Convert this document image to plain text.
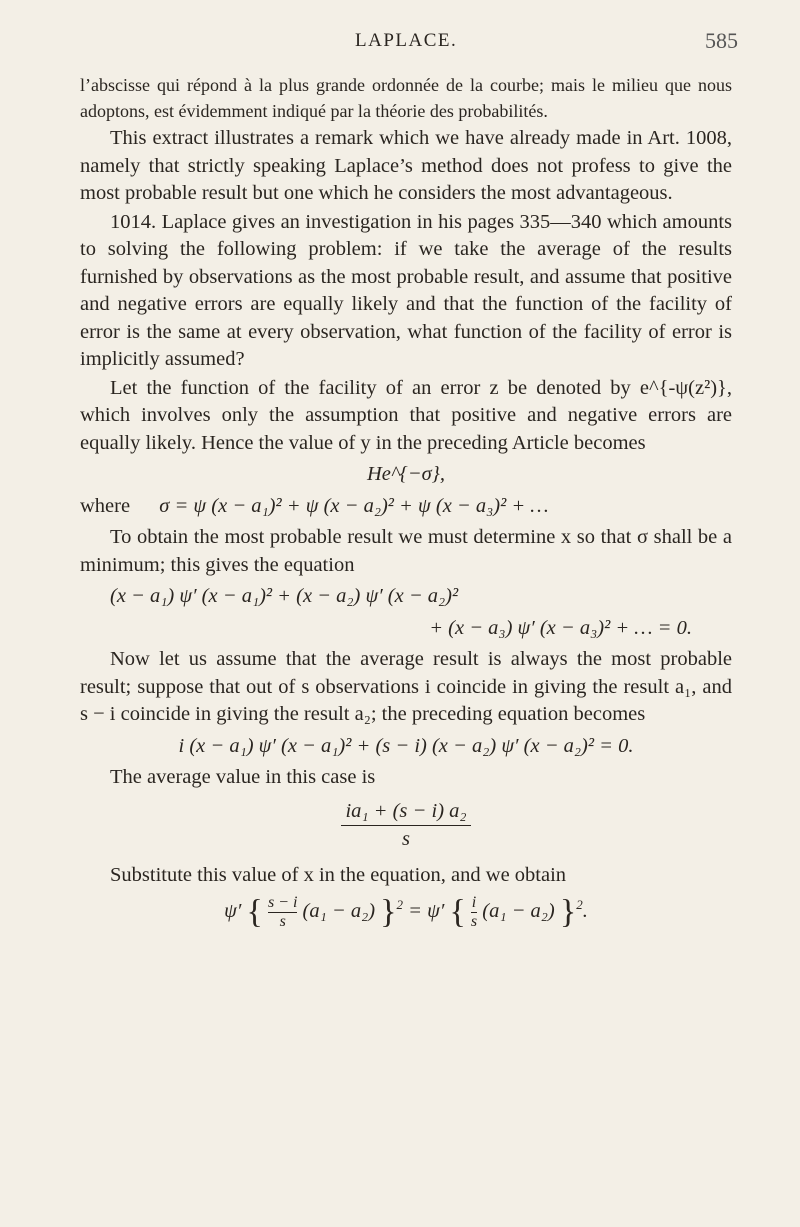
LAPLACE.	585

l’abscisse qui répond à la plus grande ordonnée de la courbe; mais le milieu que nous adoptons, est évidemment indiqué par la théorie des probabilités.

This extract illustrates a remark which we have already made in Art. 1008, namely that strictly speaking Laplace’s method does not profess to give the most probable result but one which he considers the most advantageous.

1014. Laplace gives an investigation in his pages 335—340 which amounts to solving the following problem: if we take the average of the results furnished by observations as the most probable result, and assume that positive and negative errors are equally likely and that the function of the facility of error is the same at every observation, what function of the facility of error is implicitly assumed?

Let the function of the facility of an error z be denoted by e^{-ψ(z²)}, which involves only the assumption that positive and negative errors are equally likely. Hence the value of y in the preceding Article becomes

He^{−σ},
where σ = ψ (x − a₁)² + ψ (x − a₂)² + ψ (x − a₃)² + …

To obtain the most probable result we must determine x so that σ shall be a minimum; this gives the equation

(x − a₁) ψ′ (x − a₁)² + (x − a₂) ψ′ (x − a₂)²
+ (x − a₃) ψ′ (x − a₃)² + … = 0.

Now let us assume that the average result is always the most probable result; suppose that out of s observations i coincide in giving the result a₁, and s − i coincide in giving the result a₂; the preceding equation becomes

i (x − a₁) ψ′ (x − a₁)² + (s − i) (x − a₂) ψ′ (x − a₂)² = 0.

The average value in this case is

$\frac{\text{ia₁ + (s − i) a₂}}{s}$

Substitute this value of x in the equation, and we obtain

ψ′ { $\frac{s - i}{s} (a_1 - a_2) \}^2 = \psi'$ { $\frac{i}{s} (a_1 - a_2)$ }$^2$.
